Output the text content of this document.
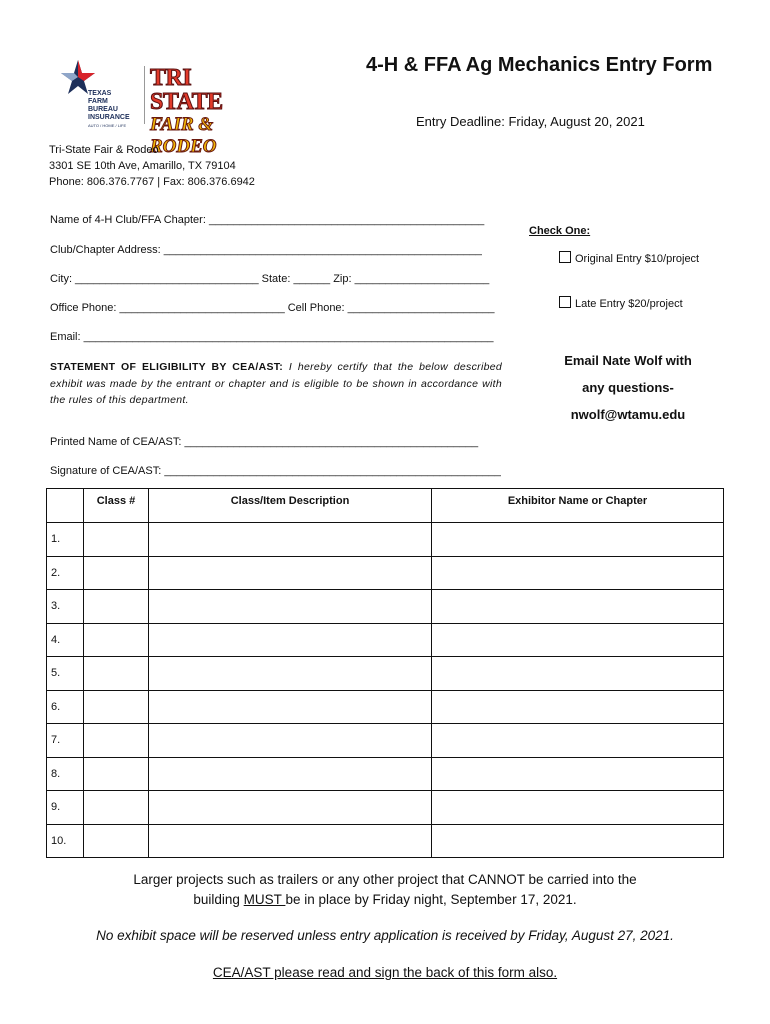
TEXAS
FARM
BUREAU
INSURANCE
AUTO / HOME / LIFE
TRI STATE
FAIR & RODEO
4-H & FFA Ag Mechanics Entry Form
Entry Deadline: Friday, August 20, 2021
Tri-State Fair & Rodeo
3301 SE 10th Ave, Amarillo, TX 79104
Phone: 806.376.7767 | Fax: 806.376.6942
Name of 4-H Club/FFA Chapter: _____________________________________________
Club/Chapter Address: ____________________________________________________
City: ______________________________ State: ______ Zip: ______________________
Office Phone: ___________________________ Cell Phone: ________________________
Email: ___________________________________________________________________
Check One:
Original Entry $10/project
Late Entry $20/project
STATEMENT OF ELIGIBILITY BY CEA/AST: I hereby certify that the below described exhibit was made by the entrant or chapter and is eligible to be shown in accordance with the rules of this department.
Email Nate Wolf with
any questions-
nwolf@wtamu.edu
Printed Name of CEA/AST: ________________________________________________
Signature of CEA/AST: _______________________________________________________
	Class #	Class/Item Description	Exhibitor Name or Chapter
1.			
2.			
3.			
4.			
5.			
6.			
7.			
8.			
9.			
10.			
Larger projects such as trailers or any other project that CANNOT be carried into the
building MUST be in place by Friday night, September 17, 2021.
No exhibit space will be reserved unless entry application is received by Friday, August 27, 2021.
CEA/AST please read and sign the back of this form also.
